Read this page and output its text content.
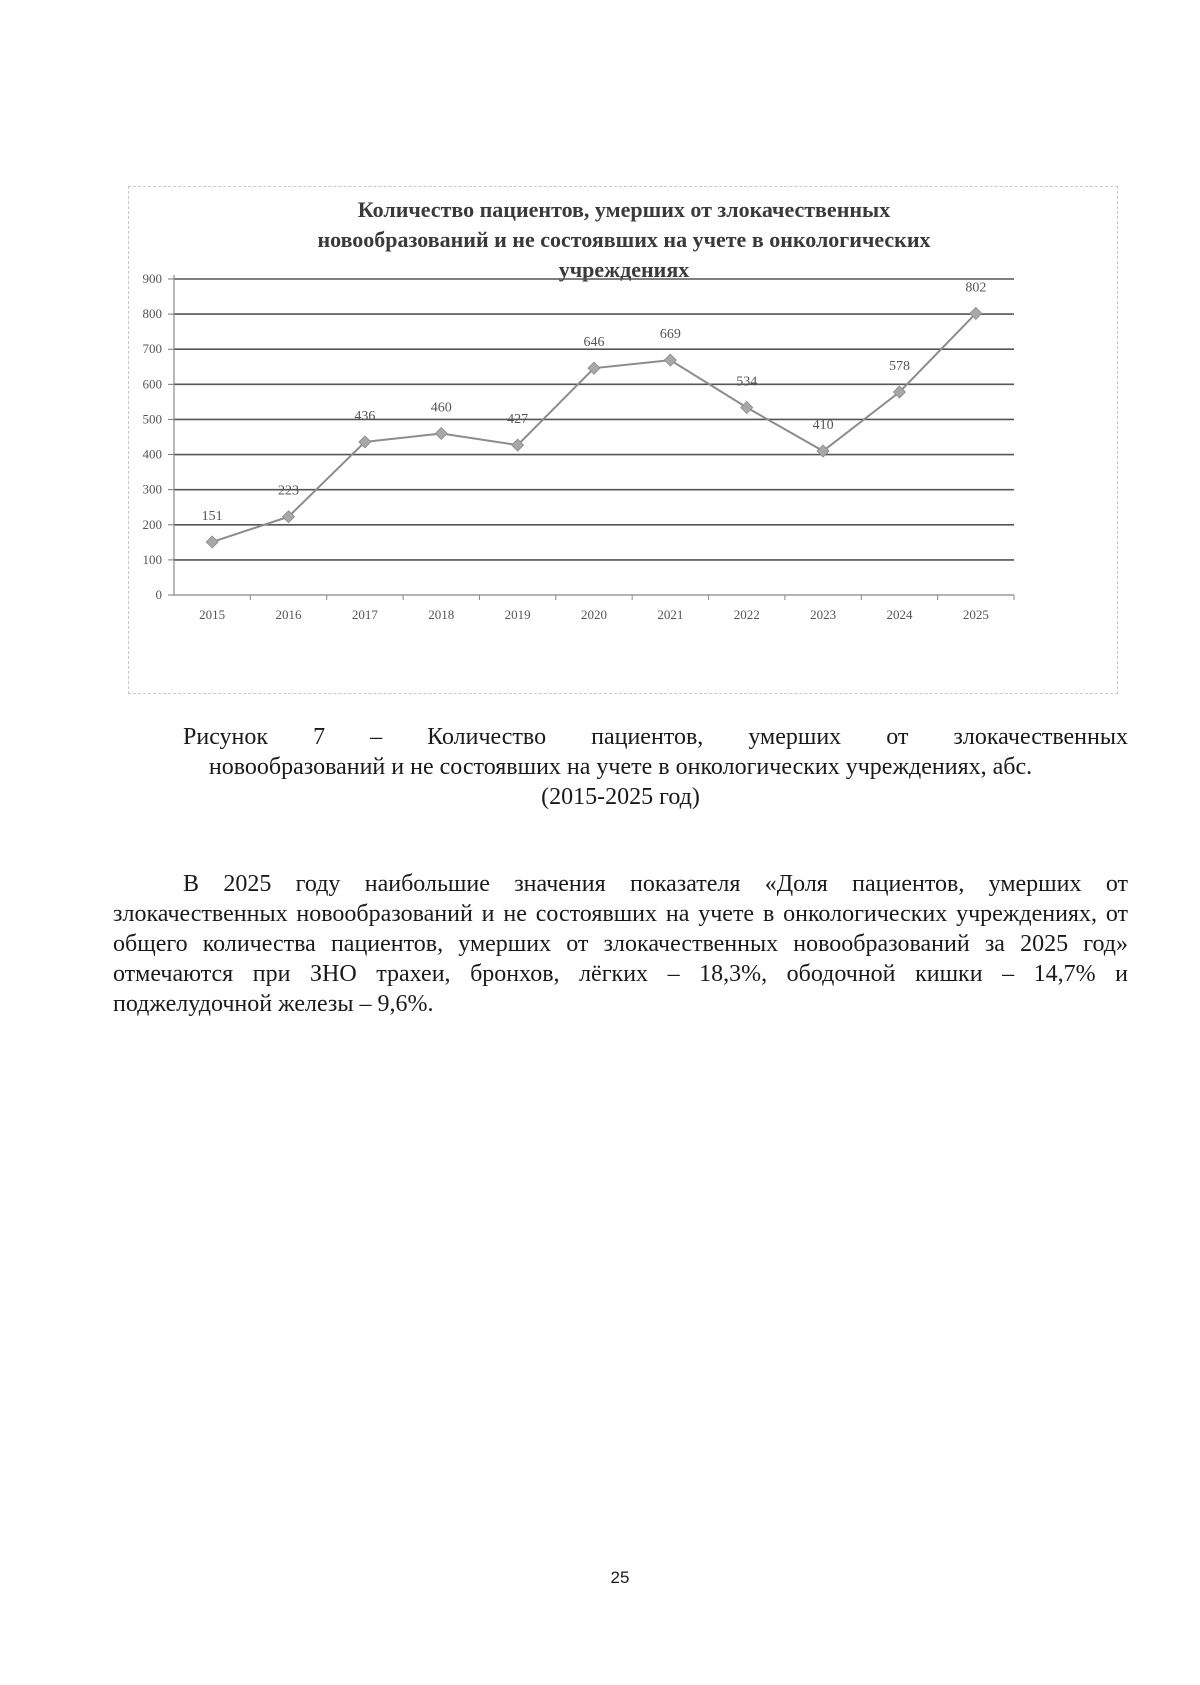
Количество пациентов, умерших от злокачественных
новообразований и не состоявших на учете в онкологических
учреждениях
0
100
200
300
400
500
600
700
800
900
2015	2016	2017	2018	2019	2020	2021	2022	2023	2024	2025
151
223
436
460
427
646
669
534
410
578
802
Рисунок 7 – Количество пациентов, умерших от злокачественных
новообразований и не состоявших на учете в онкологических учреждениях, абс.
(2015-2025 год)

В 2025 году наибольшие значения показателя «Доля пациентов, умерших от злокачественных новообразований и не состоявших на учете в онкологических учреждениях, от общего количества пациентов, умерших от злокачественных новообразований за 2025 год» отмечаются при ЗНО трахеи, бронхов, лёгких – 18,3%, ободочной кишки – 14,7% и поджелудочной железы – 9,6%.

25
